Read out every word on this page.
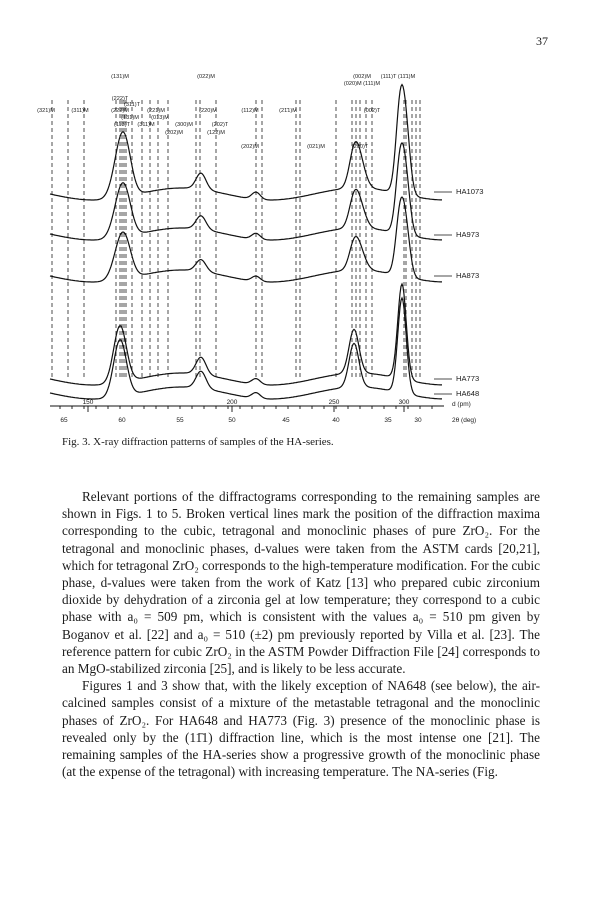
37
(131)M	(022)M	(002)M (111)T (11̄1)M
(020)M (111)M
(222)T
(311)T
(321)M	(311)M	(222)M	(221)M	(220)M	(112)M	(21̄1)M	(002)T
(131)M (013)M
(113)T (311)M	(300)M	(202)T
(202)M	(122)M
(202)M	(021)M	(200)T
HA1073
HA973
HA873
HA773
HA648
150	200	250	300	d (pm)
65	60	55	50	45	40	35	30	2θ (deg)
Fig. 3. X-ray diffraction patterns of samples of the HA-series.

Relevant portions of the diffractograms corresponding to the remaining samples are shown in Figs. 1 to 5. Broken vertical lines mark the position of the diffraction maxima corresponding to the cubic, tetragonal and monoclinic phases of pure ZrO₂. For the tetragonal and monoclinic phases, d-values were taken from the ASTM cards [20,21], which for tetragonal ZrO₂ corresponds to the high-temperature modification. For the cubic phase, d-values were taken from the work of Katz [13] who prepared cubic zirconium dioxide by dehydration of a zirconia gel at low temperature; they correspond to a cubic phase with a₀ = 509 pm, which is consistent with the values a₀ = 510 pm given by Boganov et al. [22] and a₀ = 510 (±2) pm previously reported by Villa et al. [23]. The reference pattern for cubic ZrO₂ in the ASTM Powder Diffraction File [24] corresponds to an MgO-stabilized zirconia [25], and is likely to be less accurate.

Figures 1 and 3 show that, with the likely exception of NA648 (see below), the air-calcined samples consist of a mixture of the metastable tetragonal and the monoclinic phases of ZrO₂. For HA648 and HA773 (Fig. 3) presence of the monoclinic phase is revealed only by the (11̄1) diffraction line, which is the most intense one [21]. The remaining samples of the HA-series show a progressive growth of the monoclinic phase (at the expense of the tetragonal) with increasing temperature. The NA-series (Fig.
